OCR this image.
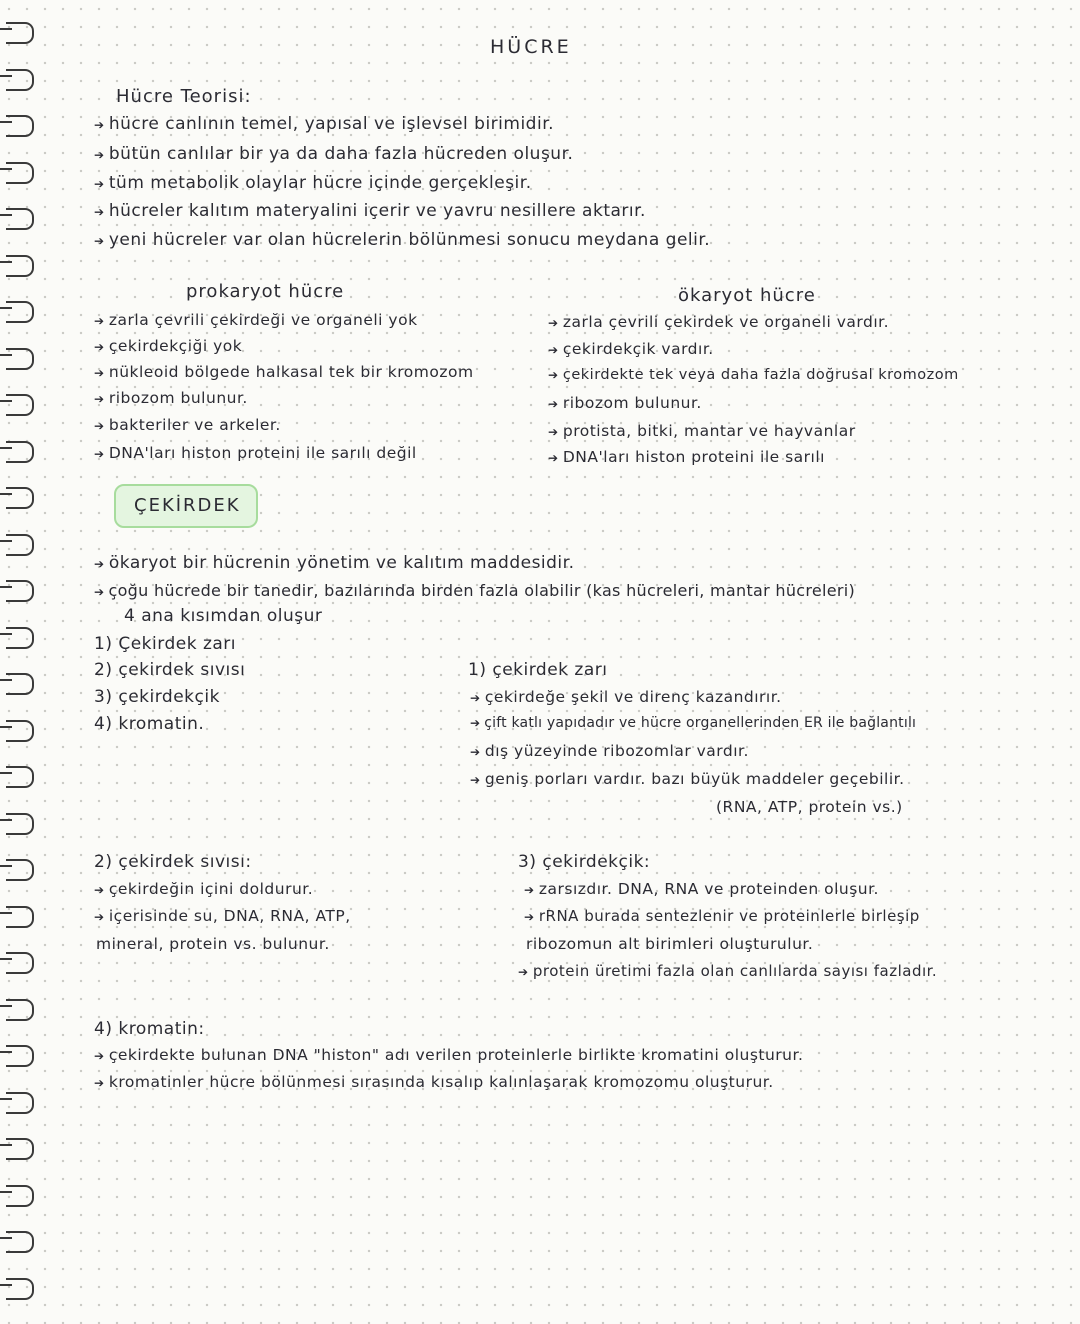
HÜCRE
Hücre Teorisi:
➔ hücre canlının temel, yapısal ve işlevsel birimidir.
➔ bütün canlılar bir ya da daha fazla hücreden oluşur.
➔ tüm metabolik olaylar hücre içinde gerçekleşir.
➔ hücreler kalıtım materyalini içerir ve yavru nesillere aktarır.
➔ yeni hücreler var olan hücrelerin bölünmesi sonucu meydana gelir.
prokaryot hücre
➔ zarla çevrili çekirdeği ve organeli yok
➔ çekirdekçiği yok
➔ nükleoid bölgede halkasal tek bir kromozom
➔ ribozom bulunur.
➔ bakteriler ve arkeler.
➔ DNA'ları histon proteini ile sarılı değil
ökaryot hücre
➔ zarla çevrili çekirdek ve organeli vardır.
➔ çekirdekçik vardır.
➔ çekirdekte tek veya daha fazla doğrusal kromozom
➔ ribozom bulunur.
➔ protista, bitki, mantar ve hayvanlar
➔ DNA'ları histon proteini ile sarılı
ÇEKİRDEK
➔ ökaryot bir hücrenin yönetim ve kalıtım maddesidir.
➔ çoğu hücrede bir tanedir, bazılarında birden fazla olabilir (kas hücreleri, mantar hücreleri)
4 ana kısımdan oluşur
1) Çekirdek zarı
2) çekirdek sıvısı
3) çekirdekçik
4) kromatin.
1) çekirdek zarı
➔ çekirdeğe şekil ve direnç kazandırır.
➔ çift katlı yapıdadır ve hücre organellerinden ER ile bağlantılı
➔ dış yüzeyinde ribozomlar vardır.
➔ geniş porları vardır. bazı büyük maddeler geçebilir.
(RNA, ATP, protein vs.)
2) çekirdek sıvısı:
➔ çekirdeğin içini doldurur.
➔ içerisinde su, DNA, RNA, ATP,
mineral, protein vs. bulunur.
3) çekirdekçik:
➔ zarsızdır. DNA, RNA ve proteinden oluşur.
➔ rRNA burada sentezlenir ve proteinlerle birleşip
ribozomun alt birimleri oluşturulur.
➔ protein üretimi fazla olan canlılarda sayısı fazladır.
4) kromatin:
➔ çekirdekte bulunan DNA "histon" adı verilen proteinlerle birlikte kromatini oluşturur.
➔ kromatinler hücre bölünmesi sırasında kısalıp kalınlaşarak kromozomu oluşturur.
